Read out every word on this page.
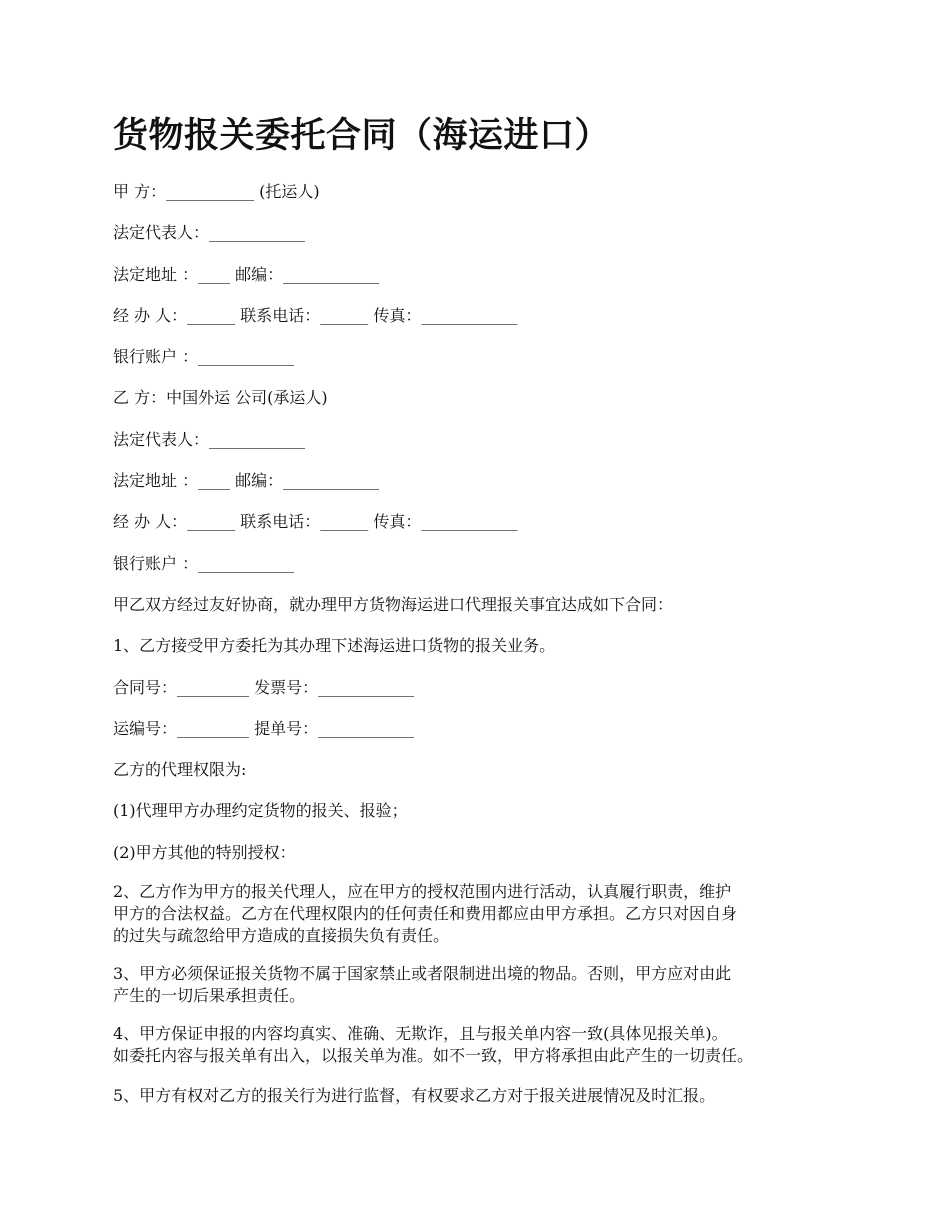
货物报关委托合同（海运进口）
甲 方：___________ (托运人)
法定代表人：____________
法定地址 ：____ 邮编：____________
经 办 人：______ 联系电话：______ 传真：____________
银行账户 ：____________
乙 方：中国外运 公司(承运人)
法定代表人：____________
法定地址 ：____ 邮编：____________
经 办 人：______ 联系电话：______ 传真：____________
银行账户 ：____________
甲乙双方经过友好协商，就办理甲方货物海运进口代理报关事宜达成如下合同：
1、乙方接受甲方委托为其办理下述海运进口货物的报关业务。
合同号：_________ 发票号：____________
运编号：_________ 提单号：____________
乙方的代理权限为:
(1)代理甲方办理约定货物的报关、报验；
(2)甲方其他的特别授权：
2、乙方作为甲方的报关代理人，应在甲方的授权范围内进行活动，认真履行职责，维护
甲方的合法权益。乙方在代理权限内的任何责任和费用都应由甲方承担。乙方只对因自身
的过失与疏忽给甲方造成的直接损失负有责任。
3、甲方必须保证报关货物不属于国家禁止或者限制进出境的物品。否则，甲方应对由此
产生的一切后果承担责任。
4、甲方保证申报的内容均真实、准确、无欺诈，且与报关单内容一致(具体见报关单)。
如委托内容与报关单有出入，以报关单为准。如不一致，甲方将承担由此产生的一切责任。
5、甲方有权对乙方的报关行为进行监督，有权要求乙方对于报关进展情况及时汇报。
